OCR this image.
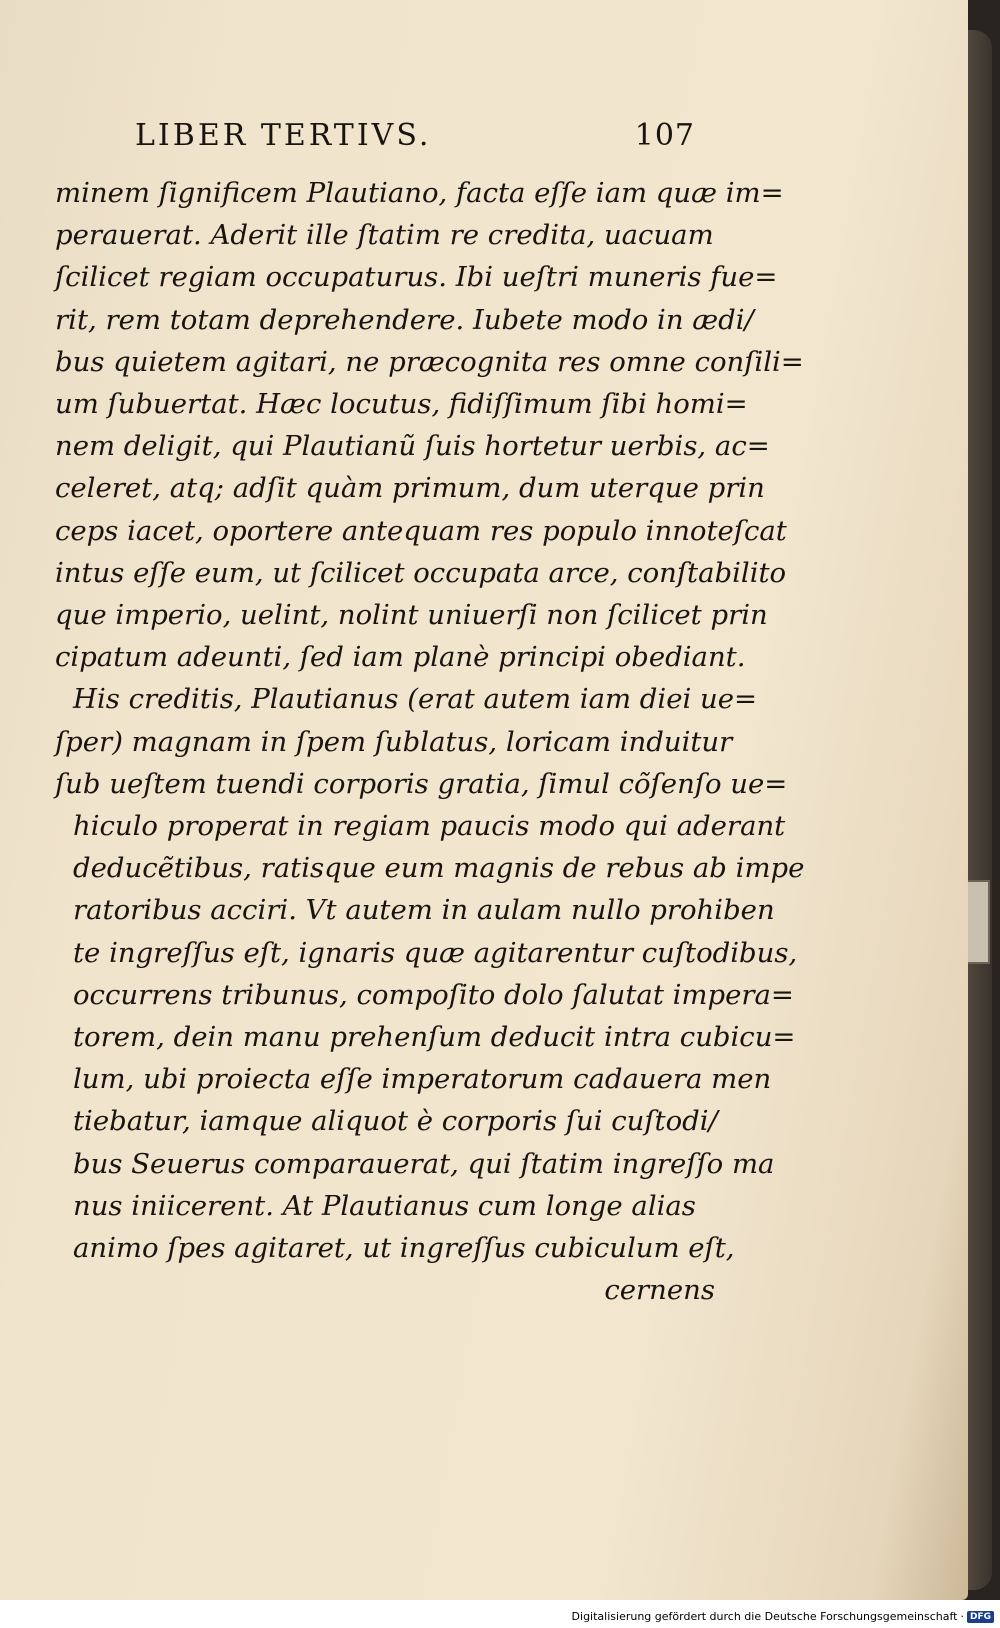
LIBER TERTIVS.	107
minem ſignificem Plautiano, facta eſſe iam quæ im=
perauerat. Aderit ille ſtatim re credita, uacuam
ſcilicet regiam occupaturus. Ibi ueſtri muneris fue=
rit, rem totam deprehendere. Iubete modo in ædi/
bus quietem agitari, ne præcognita res omne conſili=
um ſubuertat. Hæc locutus, fidiſſimum ſibi homi=
nem deligit, qui Plautianũ ſuis hortetur uerbis, ac=
celeret, atq; adſit quàm primum, dum uterque prin
ceps iacet, oportere antequam res populo innoteſcat
intus eſſe eum, ut ſcilicet occupata arce, conſtabilito
que imperio, uelint, nolint uniuerſi non ſcilicet prin
cipatum adeunti, ſed iam planè principi obediant.
His creditis, Plautianus (erat autem iam diei ue=
ſper) magnam in ſpem ſublatus, loricam induitur
ſub ueſtem tuendi corporis gratia, ſimul cõſenſo ue=
hiculo properat in regiam paucis modo qui aderant
deducẽtibus, ratisque eum magnis de rebus ab impe
ratoribus acciri. Vt autem in aulam nullo prohiben
te ingreſſus eſt, ignaris quæ agitarentur cuſtodibus,
occurrens tribunus, compoſito dolo ſalutat impera=
torem, dein manu prehenſum deducit intra cubicu=
lum, ubi proiecta eſſe imperatorum cadauera men
tiebatur, iamque aliquot è corporis ſui cuſtodi/
bus Seuerus comparauerat, qui ſtatim ingreſſo ma
nus iniicerent. At Plautianus cum longe alias
animo ſpes agitaret, ut ingreſſus cubiculum eſt,
cernens
Digitalisierung gefördert durch die Deutsche Forschungsgemeinschaft · DFG
